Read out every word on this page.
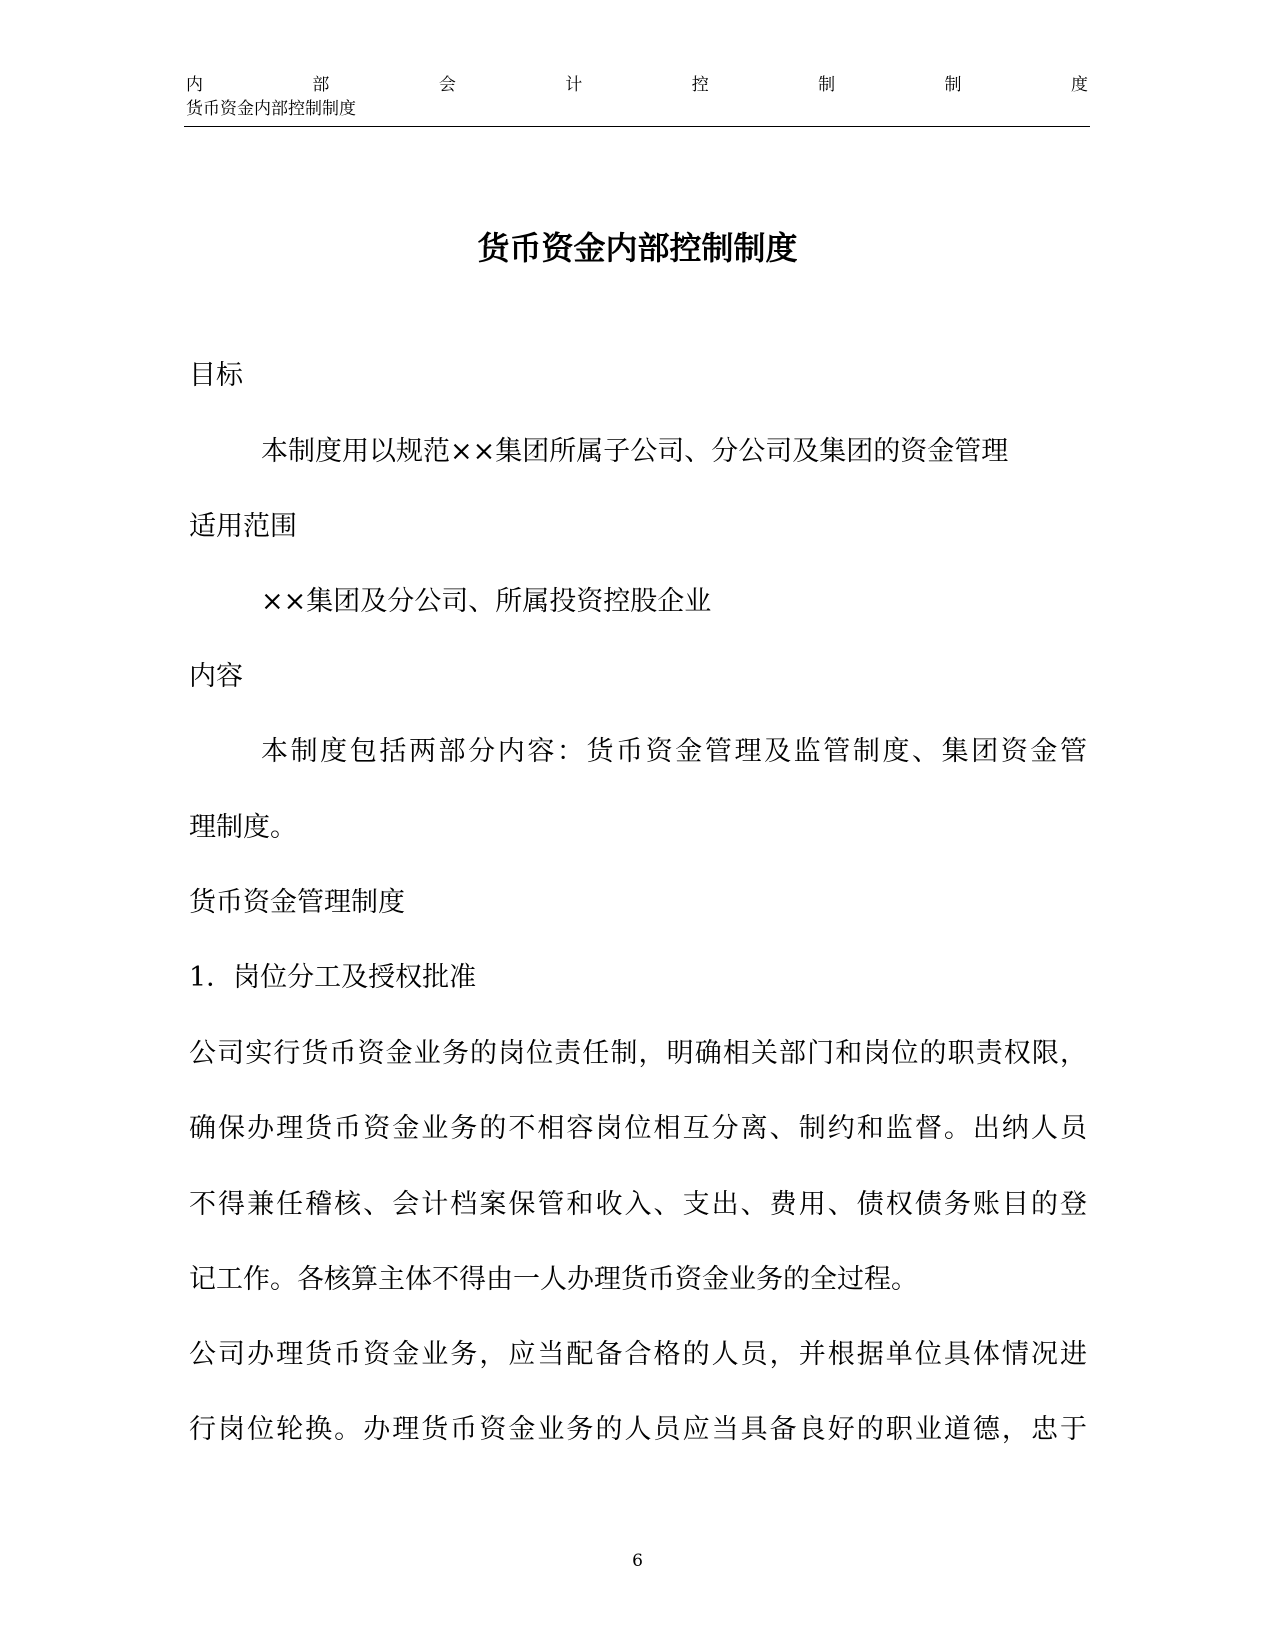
内	部	会	计	控	制	制	度
货币资金内部控制制度
货币资金内部控制制度
目标
本制度用以规范××集团所属子公司、分公司及集团的资金管理
适用范围
××集团及分公司、所属投资控股企业
内容
本制度包括两部分内容：货币资金管理及监管制度、集团资金管
理制度。
货币资金管理制度
1．岗位分工及授权批准
公司实行货币资金业务的岗位责任制，明确相关部门和岗位的职责权限，
确保办理货币资金业务的不相容岗位相互分离、制约和监督。出纳人员
不得兼任稽核、会计档案保管和收入、支出、费用、债权债务账目的登
记工作。各核算主体不得由一人办理货币资金业务的全过程。
公司办理货币资金业务，应当配备合格的人员，并根据单位具体情况进
行岗位轮换。办理货币资金业务的人员应当具备良好的职业道德，忠于
6
